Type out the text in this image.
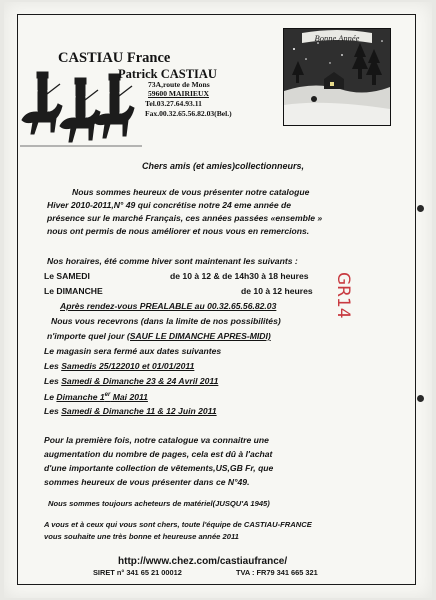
CASTIAU France
Patrick CASTIAU
73A,route de Mons
59600 MAIRIEUX
Tel.03.27.64.93.11
Fax.00.32.65.56.82.03(Bel.)
Bonne Année
Chers amis (et amies)collectionneurs,
Nous sommes heureux de vous présenter notre catalogue
Hiver 2010-2011,N° 49 qui concrétise notre 24 eme année de
présence sur le marché Français, ces années passées «ensemble »
nous ont permis de nous améliorer et nous vous en remercions.
Nos horaires, été comme hiver sont maintenant les suivants :
Le SAMEDI	de 10 à 12 & de 14h30 à 18 heures
Le DIMANCHE	de 10 à 12 heures
Après rendez-vous PREALABLE au 00.32.65.56.82.03
Nous vous recevrons (dans la limite de nos possibilités)
n'importe quel jour (SAUF LE DIMANCHE APRES-MIDI)
Le magasin sera fermé aux dates suivantes
Les Samedis 25/122010 et 01/01/2011
Les Samedi & Dimanche 23 & 24 Avril 2011
Le Dimanche 1er Mai 2011
Les Samedi & Dimanche 11 & 12 Juin 2011
Pour la première fois, notre catalogue va connaitre une
augmentation du nombre de pages, cela est dû à l'achat
d'une importante collection de vêtements,US,GB Fr, que
sommes heureux de vous présenter dans ce N°49.
Nous sommes toujours acheteurs de matériel(JUSQU'A 1945)
A vous et à ceux qui vous sont chers, toute l'équipe de CASTIAU-FRANCE
vous souhaite une très bonne et heureuse année 2011
http://www.chez.com/castiaufrance/
SIRET n° 341 65 21 00012	TVA : FR79 341 665 321
GR14
